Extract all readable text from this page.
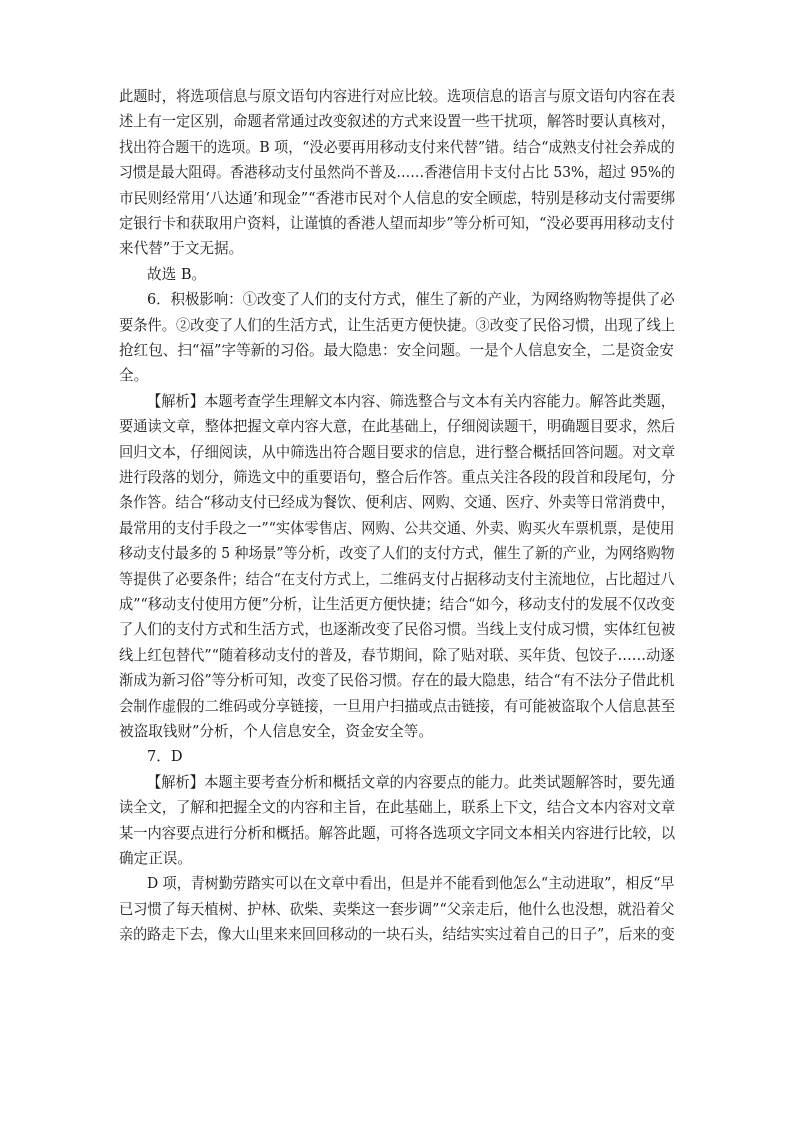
此题时，将选项信息与原文语句内容进行对应比较。选项信息的语言与原文语句内容在表
述上有一定区别，命题者常通过改变叙述的方式来设置一些干扰项，解答时要认真核对，
找出符合题干的选项。B 项，“没必要再用移动支付来代替”错。结合“成熟支付社会养成的
习惯是最大阻碍。香港移动支付虽然尚不普及……香港信用卡支付占比 53%，超过 95%的
市民则经常用‘八达通’和现金”“香港市民对个人信息的安全顾虑，特别是移动支付需要绑
定银行卡和获取用户资料，让谨慎的香港人望而却步”等分析可知，“没必要再用移动支付
来代替”于文无据。
故选 B。
6．积极影响：①改变了人们的支付方式，催生了新的产业，为网络购物等提供了必
要条件。②改变了人们的生活方式，让生活更方便快捷。③改变了民俗习惯，出现了线上
抢红包、扫“福”字等新的习俗。最大隐患：安全问题。一是个人信息安全，二是资金安
全。
【解析】本题考查学生理解文本内容、筛选整合与文本有关内容能力。解答此类题，
要通读文章，整体把握文章内容大意，在此基础上，仔细阅读题干，明确题目要求，然后
回归文本，仔细阅读，从中筛选出符合题目要求的信息，进行整合概括回答问题。对文章
进行段落的划分，筛选文中的重要语句，整合后作答。重点关注各段的段首和段尾句，分
条作答。结合“移动支付已经成为餐饮、便利店、网购、交通、医疗、外卖等日常消费中，
最常用的支付手段之一”“实体零售店、网购、公共交通、外卖、购买火车票机票，是使用
移动支付最多的 5 种场景”等分析，改变了人们的支付方式，催生了新的产业，为网络购物
等提供了必要条件；结合“在支付方式上，二维码支付占据移动支付主流地位，占比超过八
成”“移动支付使用方便”分析，让生活更方便快捷；结合“如今，移动支付的发展不仅改变
了人们的支付方式和生活方式，也逐渐改变了民俗习惯。当线上支付成习惯，实体红包被
线上红包替代”“随着移动支付的普及，春节期间，除了贴对联、买年货、包饺子……动逐
渐成为新习俗”等分析可知，改变了民俗习惯。存在的最大隐患，结合“有不法分子借此机
会制作虚假的二维码或分享链接，一旦用户扫描或点击链接，有可能被盗取个人信息甚至
被盗取钱财”分析，个人信息安全，资金安全等。
7．D
【解析】本题主要考查分析和概括文章的内容要点的能力。此类试题解答时，要先通
读全文，了解和把握全文的内容和主旨，在此基础上，联系上下文，结合文本内容对文章
某一内容要点进行分析和概括。解答此题，可将各选项文字同文本相关内容进行比较，以
确定正误。
D 项，青树勤劳踏实可以在文章中看出，但是并不能看到他怎么“主动进取”，相反“早
已习惯了每天植树、护林、砍柴、卖柴这一套步调”“父亲走后，他什么也没想，就沿着父
亲的路走下去，像大山里来来回回移动的一块石头，结结实实过着自己的日子”，后来的变
